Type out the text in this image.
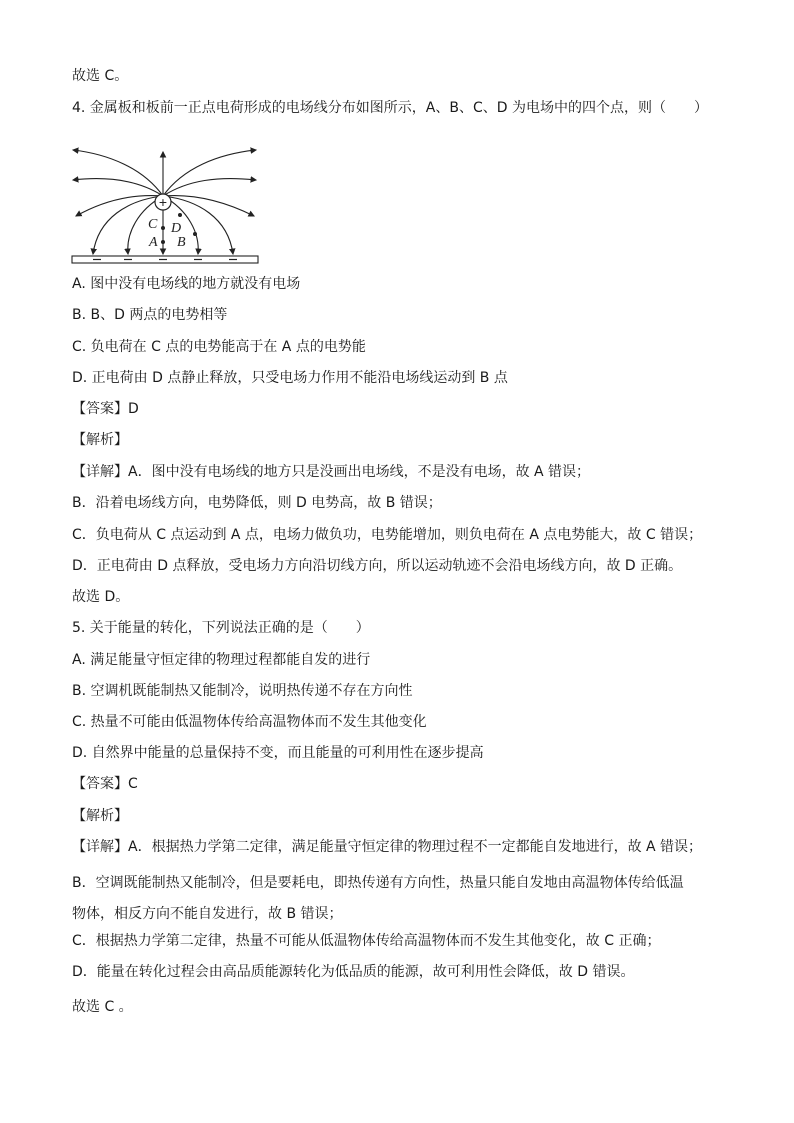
故选 C。
4. 金属板和板前一正点电荷形成的电场线分布如图所示，A、B、C、D 为电场中的四个点，则（　　）
+
C D
A B
A. 图中没有电场线的地方就没有电场
B. B、D 两点的电势相等
C. 负电荷在 C 点的电势能高于在 A 点的电势能
D. 正电荷由 D 点静止释放，只受电场力作用不能沿电场线运动到 B 点
【答案】D
【解析】
【详解】A．图中没有电场线的地方只是没画出电场线，不是没有电场，故 A 错误；
B．沿着电场线方向，电势降低，则 D 电势高，故 B 错误；
C．负电荷从 C 点运动到 A 点，电场力做负功，电势能增加，则负电荷在 A 点电势能大，故 C 错误；
D．正电荷由 D 点释放，受电场力方向沿切线方向，所以运动轨迹不会沿电场线方向，故 D 正确。
故选 D。
5. 关于能量的转化，下列说法正确的是（　　）
A. 满足能量守恒定律的物理过程都能自发的进行
B. 空调机既能制热又能制冷，说明热传递不存在方向性
C. 热量不可能由低温物体传给高温物体而不发生其他变化
D. 自然界中能量的总量保持不变，而且能量的可利用性在逐步提高
【答案】C
【解析】
【详解】A．根据热力学第二定律，满足能量守恒定律的物理过程不一定都能自发地进行，故 A 错误；
B．空调既能制热又能制冷，但是要耗电，即热传递有方向性，热量只能自发地由高温物体传给低温物体，相反方向不能自发进行，故 B 错误；
C．根据热力学第二定律，热量不可能从低温物体传给高温物体而不发生其他变化，故 C 正确；
D．能量在转化过程会由高品质能源转化为低品质的能源，故可利用性会降低，故 D 错误。
故选 C 。
